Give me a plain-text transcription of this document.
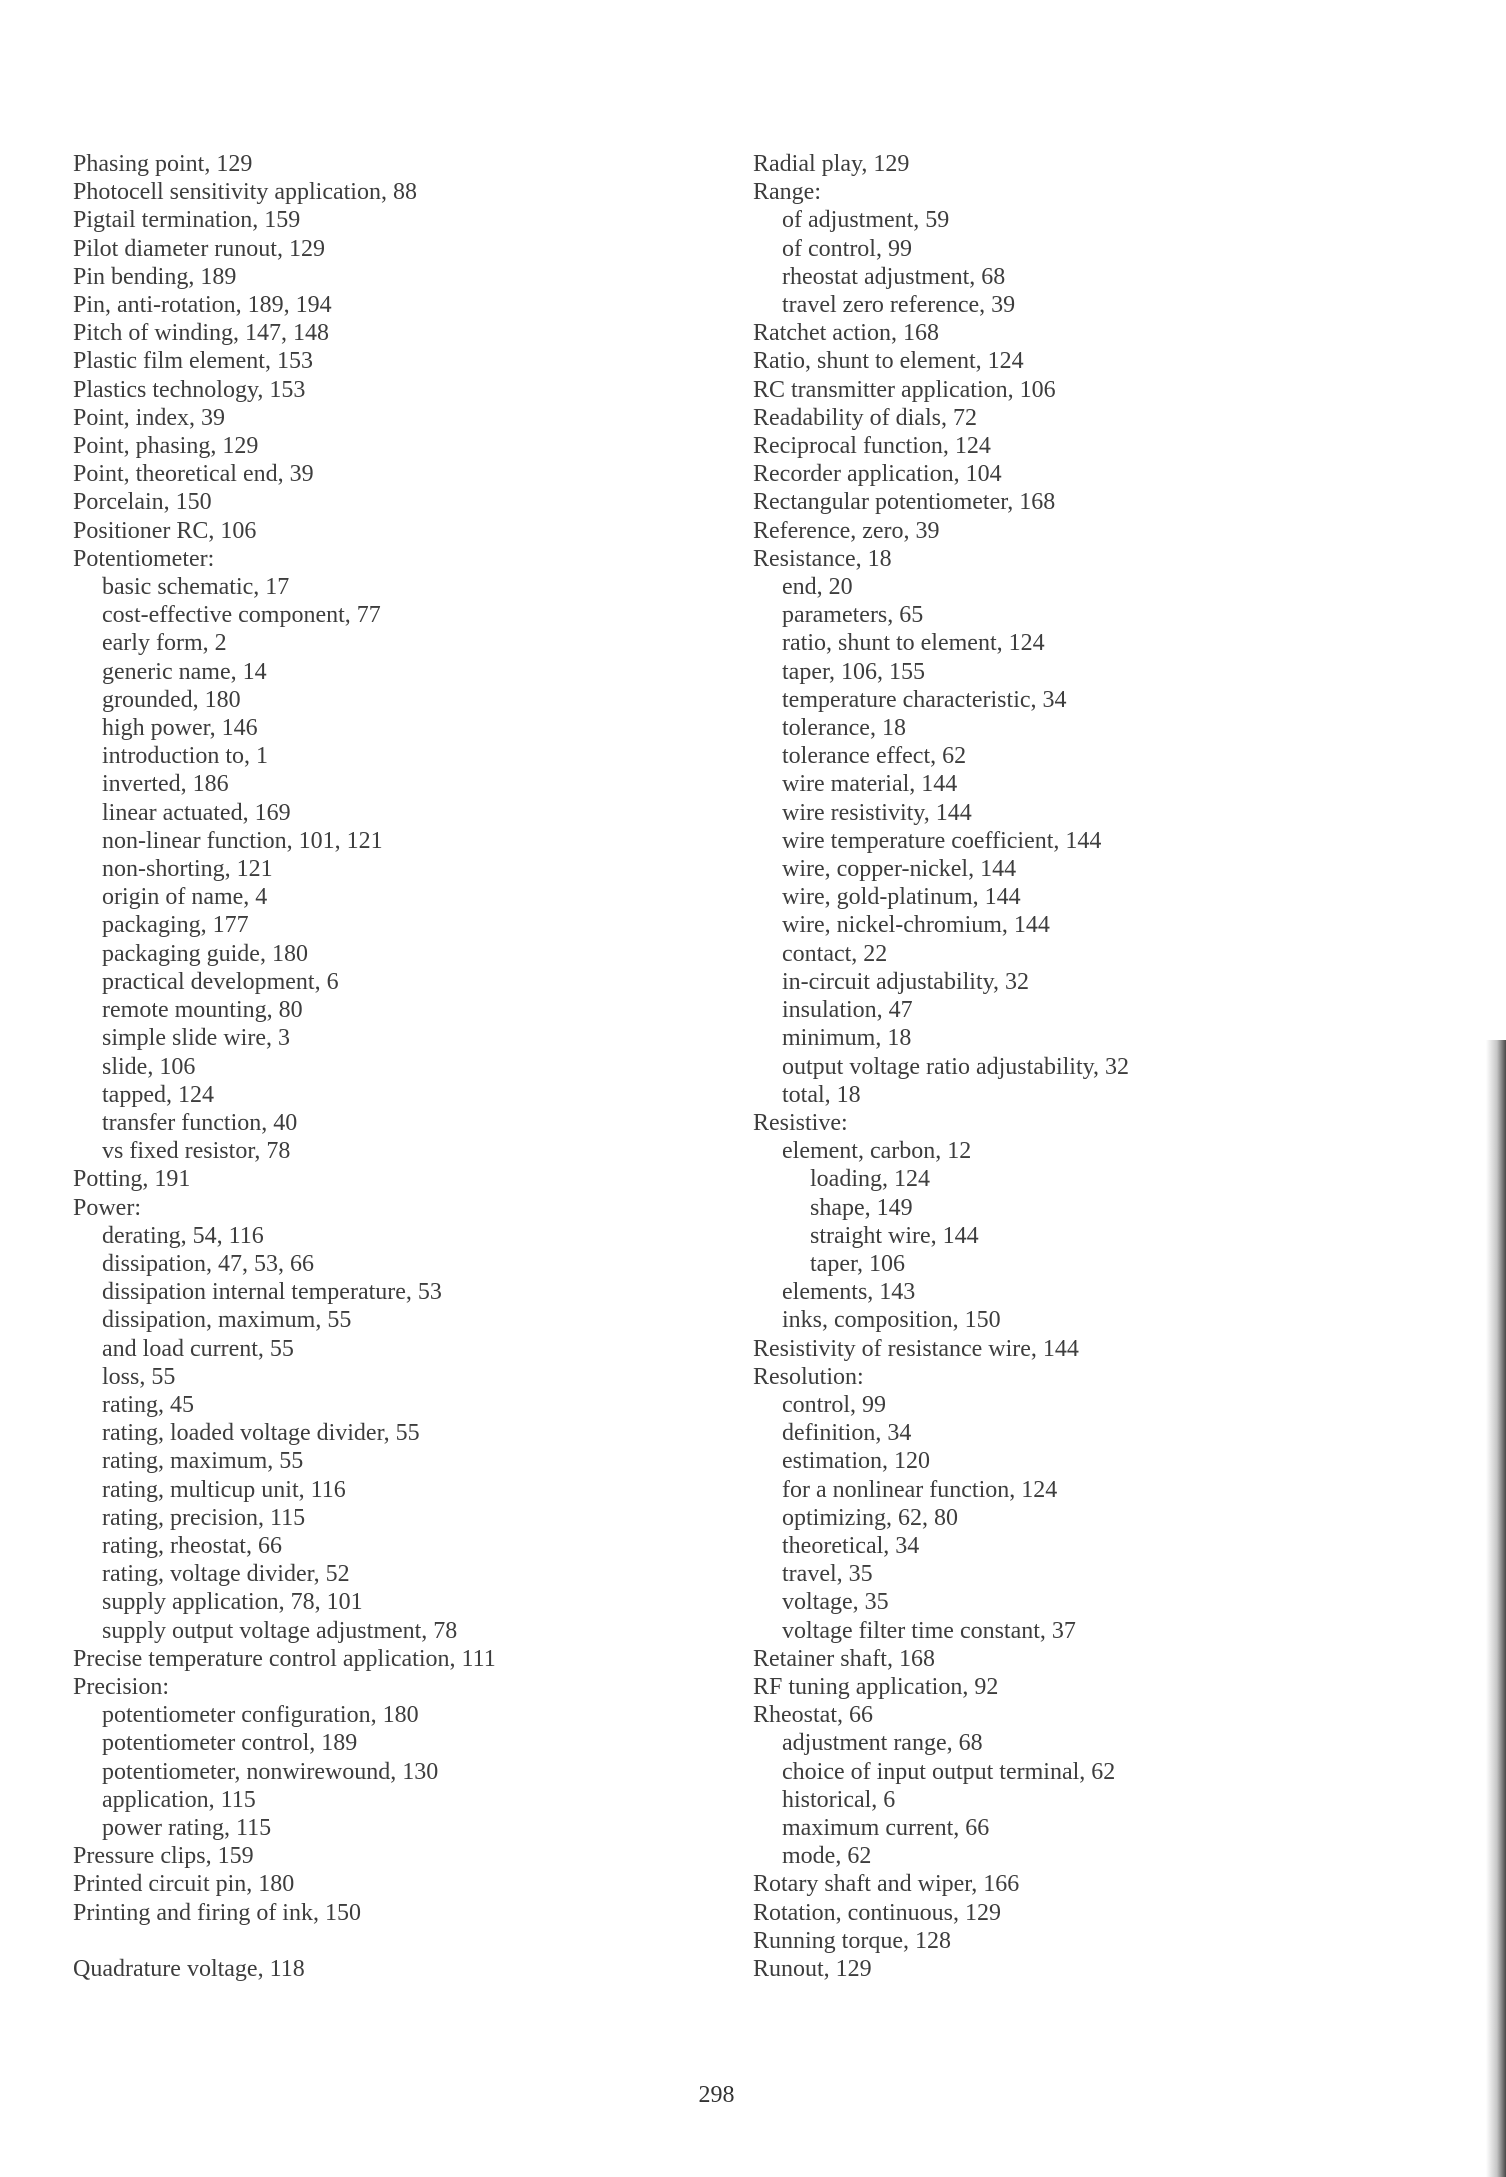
Phasing point, 129
Photocell sensitivity application, 88
Pigtail termination, 159
Pilot diameter runout, 129
Pin bending, 189
Pin, anti-rotation, 189, 194
Pitch of winding, 147, 148
Plastic film element, 153
Plastics technology, 153
Point, index, 39
Point, phasing, 129
Point, theoretical end, 39
Porcelain, 150
Positioner RC, 106
Potentiometer:
basic schematic, 17
cost-effective component, 77
early form, 2
generic name, 14
grounded, 180
high power, 146
introduction to, 1
inverted, 186
linear actuated, 169
non-linear function, 101, 121
non-shorting, 121
origin of name, 4
packaging, 177
packaging guide, 180
practical development, 6
remote mounting, 80
simple slide wire, 3
slide, 106
tapped, 124
transfer function, 40
vs fixed resistor, 78
Potting, 191
Power:
derating, 54, 116
dissipation, 47, 53, 66
dissipation internal temperature, 53
dissipation, maximum, 55
and load current, 55
loss, 55
rating, 45
rating, loaded voltage divider, 55
rating, maximum, 55
rating, multicup unit, 116
rating, precision, 115
rating, rheostat, 66
rating, voltage divider, 52
supply application, 78, 101
supply output voltage adjustment, 78
Precise temperature control application, 111
Precision:
potentiometer configuration, 180
potentiometer control, 189
potentiometer, nonwirewound, 130
application, 115
power rating, 115
Pressure clips, 159
Printed circuit pin, 180
Printing and firing of ink, 150
Quadrature voltage, 118
Radial play, 129
Range:
of adjustment, 59
of control, 99
rheostat adjustment, 68
travel zero reference, 39
Ratchet action, 168
Ratio, shunt to element, 124
RC transmitter application, 106
Readability of dials, 72
Reciprocal function, 124
Recorder application, 104
Rectangular potentiometer, 168
Reference, zero, 39
Resistance, 18
end, 20
parameters, 65
ratio, shunt to element, 124
taper, 106, 155
temperature characteristic, 34
tolerance, 18
tolerance effect, 62
wire material, 144
wire resistivity, 144
wire temperature coefficient, 144
wire, copper-nickel, 144
wire, gold-platinum, 144
wire, nickel-chromium, 144
contact, 22
in-circuit adjustability, 32
insulation, 47
minimum, 18
output voltage ratio adjustability, 32
total, 18
Resistive:
element, carbon, 12
loading, 124
shape, 149
straight wire, 144
taper, 106
elements, 143
inks, composition, 150
Resistivity of resistance wire, 144
Resolution:
control, 99
definition, 34
estimation, 120
for a nonlinear function, 124
optimizing, 62, 80
theoretical, 34
travel, 35
voltage, 35
voltage filter time constant, 37
Retainer shaft, 168
RF tuning application, 92
Rheostat, 66
adjustment range, 68
choice of input output terminal, 62
historical, 6
maximum current, 66
mode, 62
Rotary shaft and wiper, 166
Rotation, continuous, 129
Running torque, 128
Runout, 129
298
